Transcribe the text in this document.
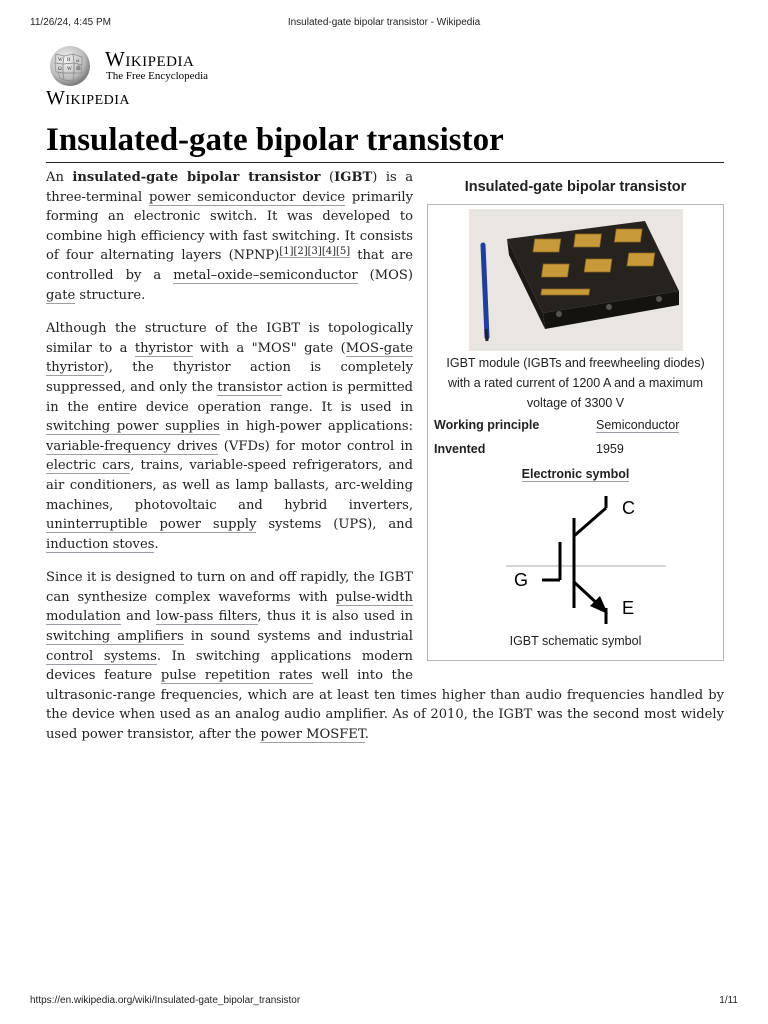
11/26/24, 4:45 PM	Insulated-gate bipolar transistor - Wikipedia
W И ω
Ω W 維 Wikipedia
The Free Encyclopedia
Wikipedia
Insulated-gate bipolar transistor
Insulated-gate bipolar transistor
IGBT module (IGBTs and freewheeling diodes) with a rated current of 1200 A and a maximum voltage of 3300 V
Working principle	Semiconductor
Invented	1959
Electronic symbol
C
G
E
IGBT schematic symbol

An insulated-gate bipolar transistor (IGBT) is a three-terminal power semiconductor device primarily forming an electronic switch. It was developed to combine high efficiency with fast switching. It consists of four alternating layers (NPNP)[1][2][3][4][5] that are controlled by a metal–oxide–semiconductor (MOS) gate structure.

Although the structure of the IGBT is topologically similar to a thyristor with a "MOS" gate (MOS-gate thyristor), the thyristor action is completely suppressed, and only the transistor action is permitted in the entire device operation range. It is used in switching power supplies in high-power applications: variable-frequency drives (VFDs) for motor control in electric cars, trains, variable-speed refrigerators, and air conditioners, as well as lamp ballasts, arc-welding machines, photovoltaic and hybrid inverters, uninterruptible power supply systems (UPS), and induction stoves.

Since it is designed to turn on and off rapidly, the IGBT can synthesize complex waveforms with pulse-width modulation and low-pass filters, thus it is also used in switching amplifiers in sound systems and industrial control systems. In switching applications modern devices feature pulse repetition rates well into the ultrasonic-range frequencies, which are at least ten times higher than audio frequencies handled by the device when used as an analog audio amplifier. As of 2010, the IGBT was the second most widely used power transistor, after the power MOSFET.

https://en.wikipedia.org/wiki/Insulated-gate_bipolar_transistor	1/11
